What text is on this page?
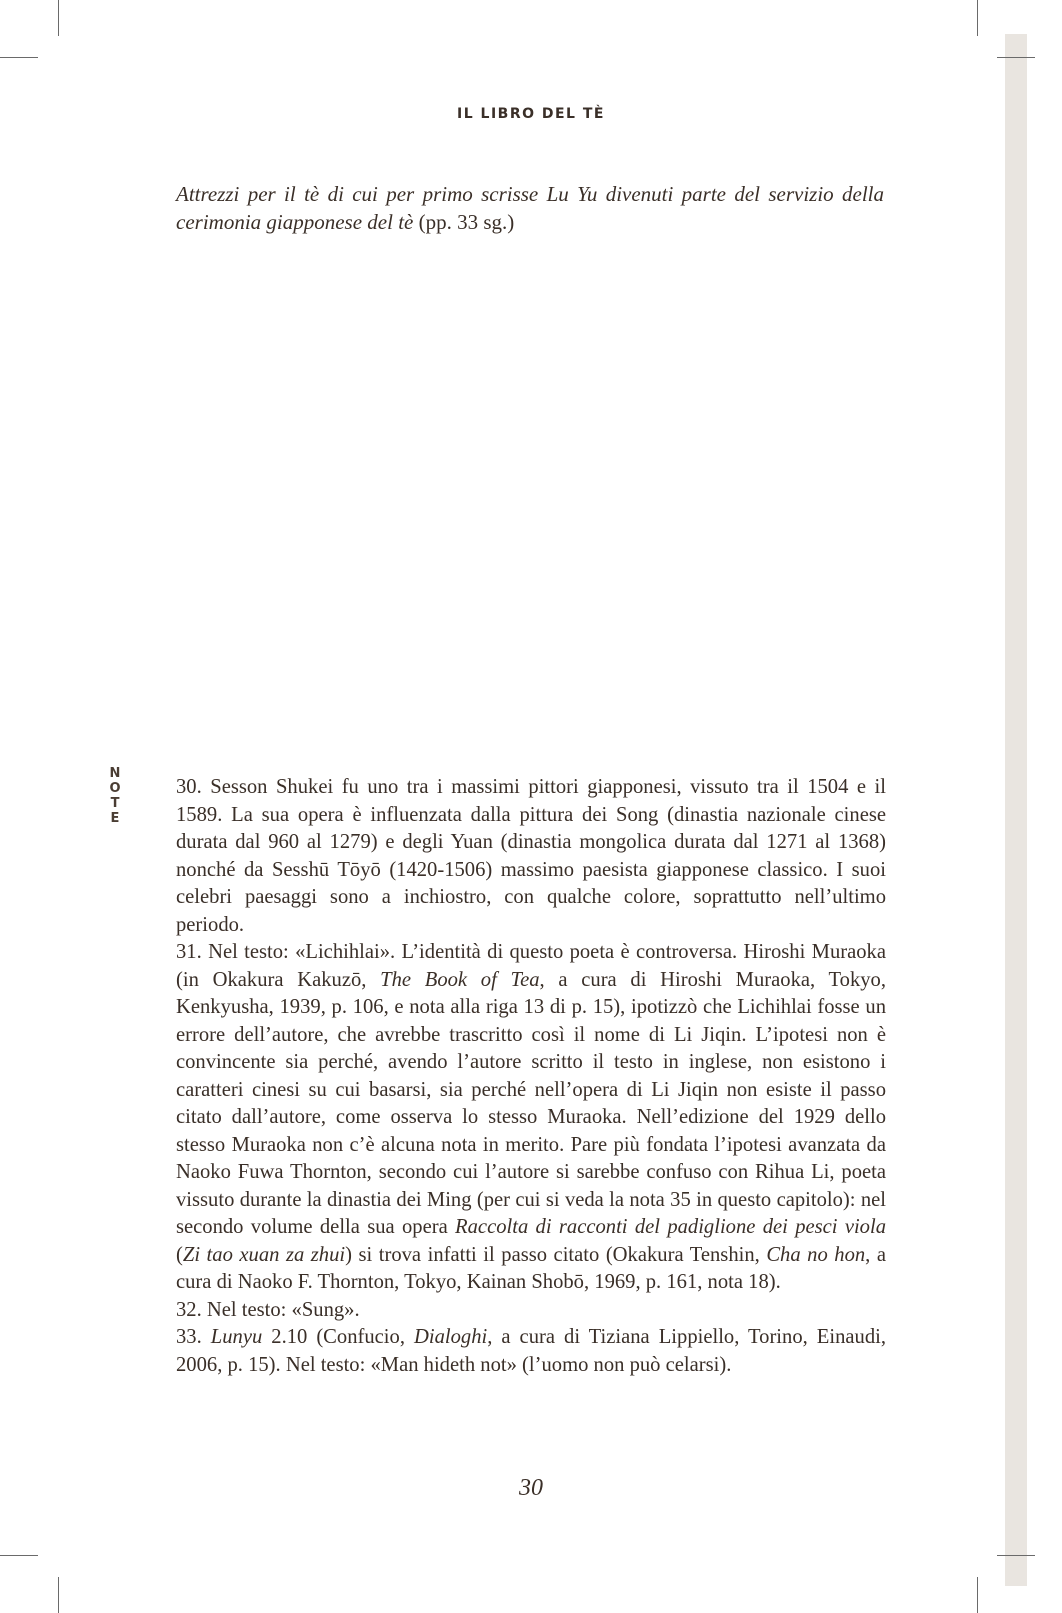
IL LIBRO DEL TÈ
Attrezzi per il tè di cui per primo scrisse Lu Yu divenuti parte del servizio della cerimonia giapponese del tè (pp. 33 sg.)
N
O
T
E

30. Sesson Shukei fu uno tra i massimi pittori giapponesi, vissuto tra il 1504 e il 1589. La sua opera è influenzata dalla pittura dei Song (dinastia nazionale cinese durata dal 960 al 1279) e degli Yuan (dinastia mongolica durata dal 1271 al 1368) nonché da Sesshū Tōyō (1420-1506) massimo paesista giapponese classico. I suoi celebri paesaggi sono a inchiostro, con qualche colore, soprattutto nell’ultimo periodo.

31. Nel testo: «Lichihlai». L’identità di questo poeta è controversa. Hiroshi Muraoka (in Okakura Kakuzō, The Book of Tea, a cura di Hiroshi Muraoka, Tokyo, Kenkyusha, 1939, p. 106, e nota alla riga 13 di p. 15), ipotizzò che Lichihlai fosse un errore dell’autore, che avrebbe trascritto così il nome di Li Jiqin. L’ipotesi non è convincente sia perché, avendo l’autore scritto il testo in inglese, non esistono i caratteri cinesi su cui basarsi, sia perché nell’opera di Li Jiqin non esiste il passo citato dall’autore, come osserva lo stesso Muraoka. Nell’edizione del 1929 dello stesso Muraoka non c’è alcuna nota in merito. Pare più fondata l’ipotesi avanzata da Naoko Fuwa Thornton, secondo cui l’autore si sarebbe confuso con Rihua Li, poeta vissuto durante la dinastia dei Ming (per cui si veda la nota 35 in questo capitolo): nel secondo volume della sua opera Raccolta di racconti del padiglione dei pesci viola (Zi tao xuan za zhui) si trova infatti il passo citato (Okakura Tenshin, Cha no hon, a cura di Naoko F. Thornton, Tokyo, Kainan Shobō, 1969, p. 161, nota 18).

32. Nel testo: «Sung».

33. Lunyu 2.10 (Confucio, Dialoghi, a cura di Tiziana Lippiello, Torino, Einaudi, 2006, p. 15). Nel testo: «Man hideth not» (l’uomo non può celarsi).

30
